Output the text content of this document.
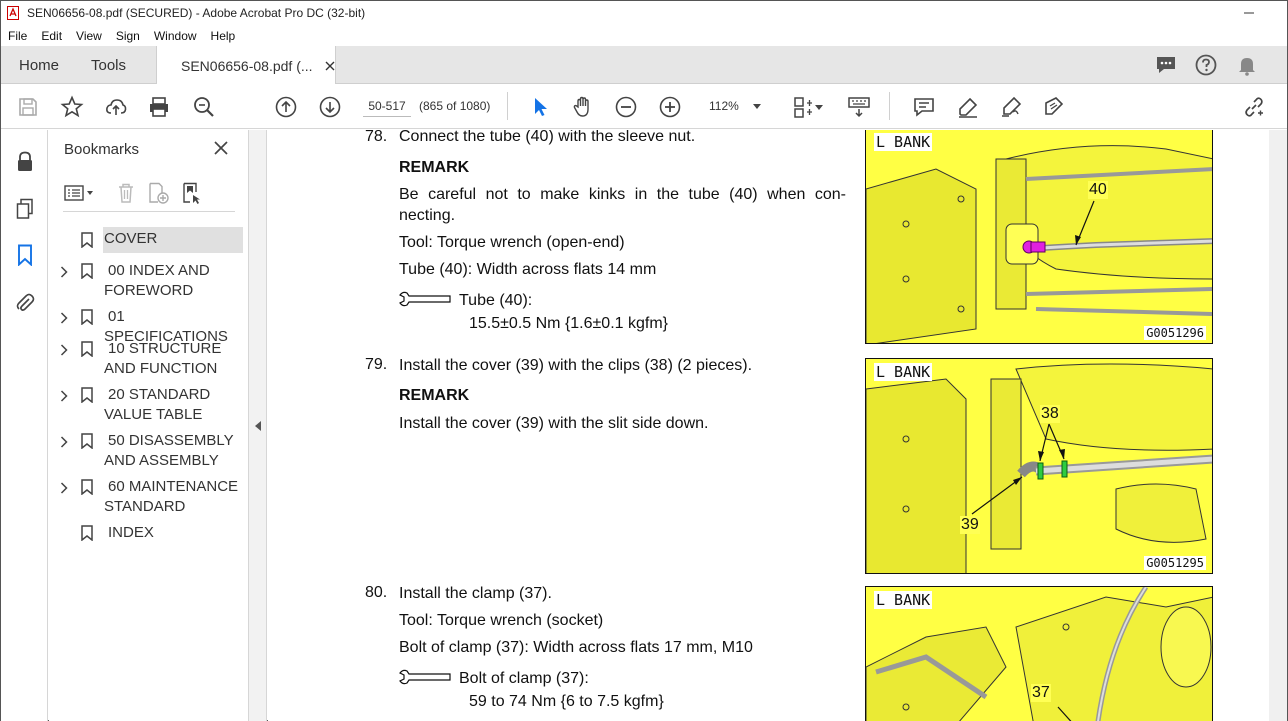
SEN06656-08.pdf (SECURED) - Adobe Acrobat Pro DC (32-bit)
File	Edit	View	Sign	Window	Help
Home Tools	SEN06656-08.pdf (...
50-517	(865 of 1080)	112%
Bookmarks
COVER
00 INDEX AND
FOREWORD
01 SPECIFICATIONS
10 STRUCTURE
AND FUNCTION
20 STANDARD
VALUE TABLE
50 DISASSEMBLY
AND ASSEMBLY
60 MAINTENANCE
STANDARD
INDEX
78. Connect the tube (40) with the sleeve nut.
REMARK
Be careful not to make kinks in the tube (40) when con-
necting.
Tool: Torque wrench (open-end)
Tube (40): Width across flats 14 mm
Tube (40):
15.5±0.5 Nm {1.6±0.1 kgfm}
79. Install the cover (39) with the clips (38) (2 pieces).
REMARK
Install the cover (39) with the slit side down.
80. Install the clamp (37).
Tool: Torque wrench (socket)
Bolt of clamp (37): Width across flats 17 mm, M10
Bolt of clamp (37):
59 to 74 Nm {6 to 7.5 kgfm}
L BANK
40
G0051296
L BANK
38
39
G0051295
L BANK
37
